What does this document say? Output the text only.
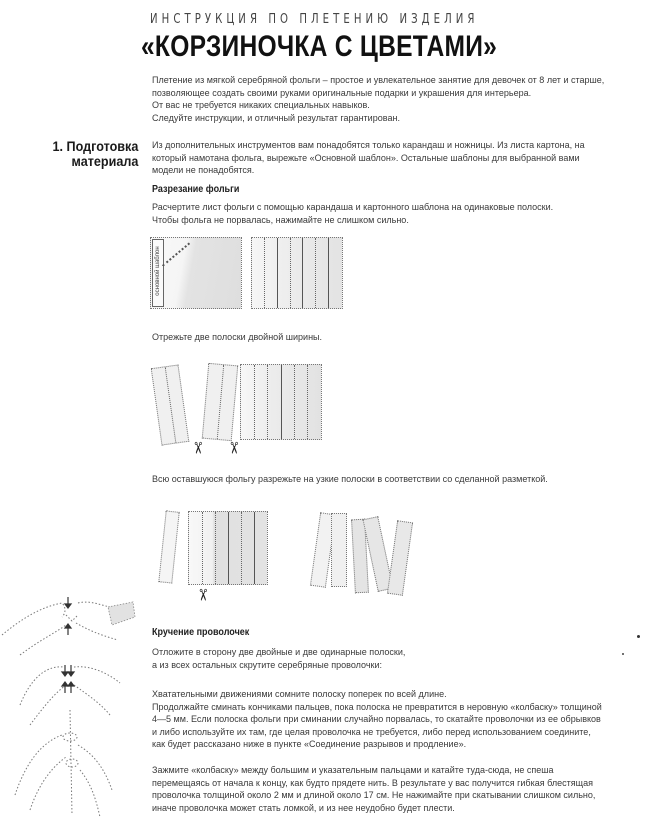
ИНСТРУКЦИЯ ПО ПЛЕТЕНИЮ ИЗДЕЛИЯ
«КОРЗИНОЧКА С ЦВЕТАМИ»
Плетение из мягкой серебряной фольги – простое и увлекательное занятие для девочек от 8 лет и старше,
позволяющее создать своими руками оригинальные подарки и украшения для интерьера.
От вас не требуется никаких специальных навыков.
Следуйте инструкции, и отличный результат гарантирован.
1. Подготовка
материала
Из дополнительных инструментов вам понадобятся только карандаш и ножницы. Из листа картона, на
который намотана фольга, вырежьте «Основной шаблон». Остальные шаблоны для выбранной вами
модели не понадобятся.
Разрезание фольги
Расчертите лист фольги с помощью карандаша и картонного шаблона на одинаковые полоски.
Чтобы фольга не порвалась, нажимайте не слишком сильно.
основной шаблон
Отрежьте две полоски двойной ширины.
✂ ✂
Всю оставшуюся фольгу разрежьте на узкие полоски в соответствии со сделанной разметкой.
✂
Кручение проволочек
Отложите в сторону две двойные и две одинарные полоски,
а из всех остальных скрутите серебряные проволочки:
Хватательными движениями сомните полоску поперек по всей длине.
Продолжайте сминать кончиками пальцев, пока полоска не превратится в неровную «колбаску» толщиной
4—5 мм. Если полоска фольги при сминании случайно порвалась, то скатайте проволочки из ее обрывков
и либо используйте их там, где целая проволочка не требуется, либо перед использованием соедините,
как будет рассказано ниже в пункте «Соединение разрывов и продление».
Зажмите «колбаску» между большим и указательным пальцами и катайте туда-сюда, не спеша
перемещаясь от начала к концу, как будто прядете нить. В результате у вас получится гибкая блестящая
проволочка толщиной около 2 мм и длиной около 17 см. Не нажимайте при скатывании слишком сильно,
иначе проволочка может стать ломкой, и из нее неудобно будет плести.
